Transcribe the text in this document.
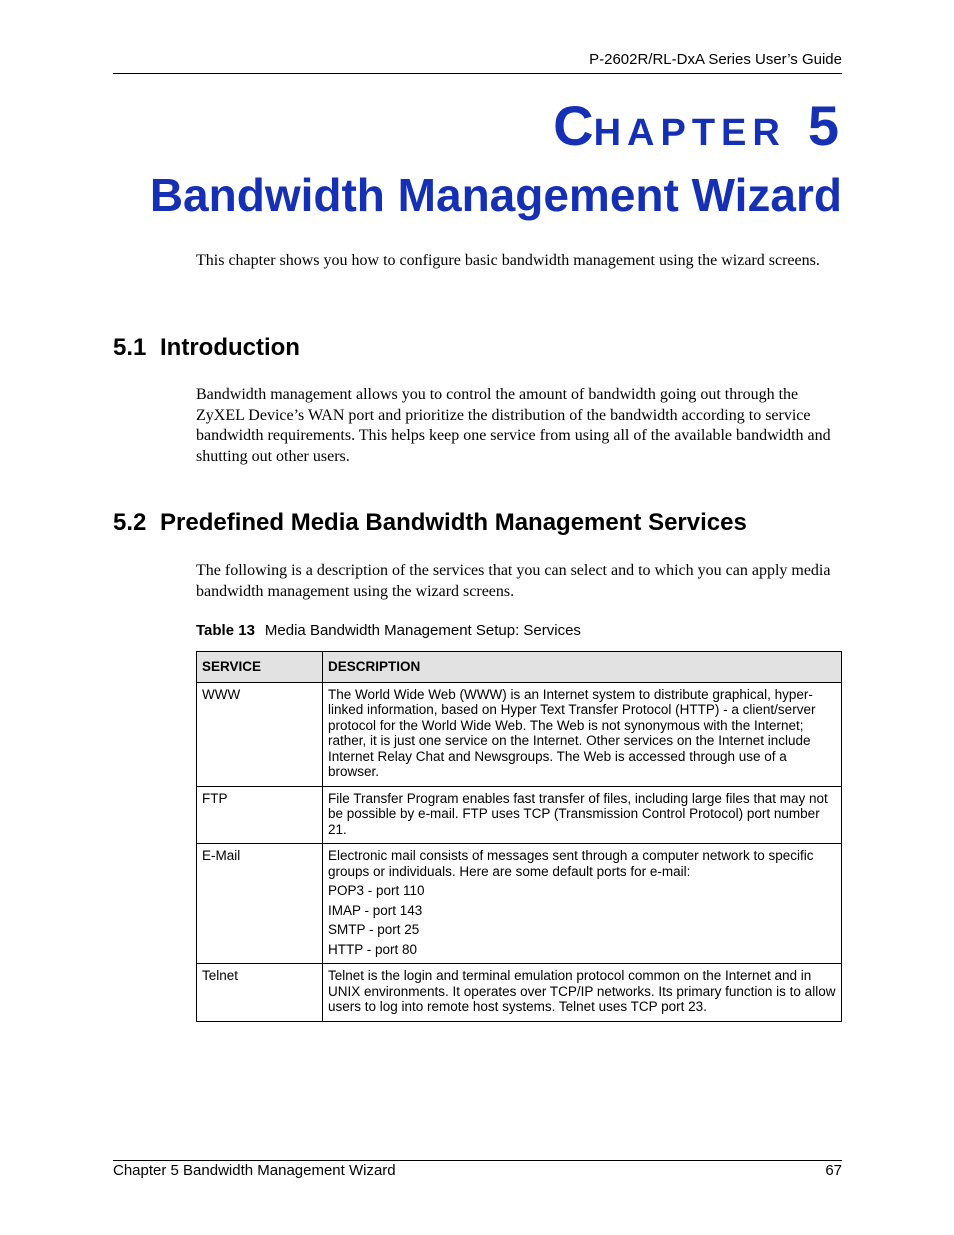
P-2602R/RL-DxA Series User’s Guide
CHAPTER 5
Bandwidth Management Wizard
This chapter shows you how to configure basic bandwidth management using the wizard screens.
5.1 Introduction
Bandwidth management allows you to control the amount of bandwidth going out through the ZyXEL Device’s WAN port and prioritize the distribution of the bandwidth according to service bandwidth requirements. This helps keep one service from using all of the available bandwidth and shutting out other users.
5.2 Predefined Media Bandwidth Management Services
The following is a description of the services that you can select and to which you can apply media bandwidth management using the wizard screens.
Table 13 Media Bandwidth Management Setup: Services
SERVICE	DESCRIPTION
WWW	The World Wide Web (WWW) is an Internet system to distribute graphical, hyper-linked information, based on Hyper Text Transfer Protocol (HTTP) - a client/server protocol for the World Wide Web. The Web is not synonymous with the Internet; rather, it is just one service on the Internet. Other services on the Internet include Internet Relay Chat and Newsgroups. The Web is accessed through use of a browser.
FTP	File Transfer Program enables fast transfer of files, including large files that may not be possible by e-mail. FTP uses TCP (Transmission Control Protocol) port number 21.
E-Mail	Electronic mail consists of messages sent through a computer network to specific groups or individuals. Here are some default ports for e-mail:
POP3 - port 110
IMAP - port 143
SMTP - port 25
HTTP - port 80

Telnet	Telnet is the login and terminal emulation protocol common on the Internet and in UNIX environments. It operates over TCP/IP networks. Its primary function is to allow users to log into remote host systems. Telnet uses TCP port 23.
Chapter 5 Bandwidth Management Wizard	67
